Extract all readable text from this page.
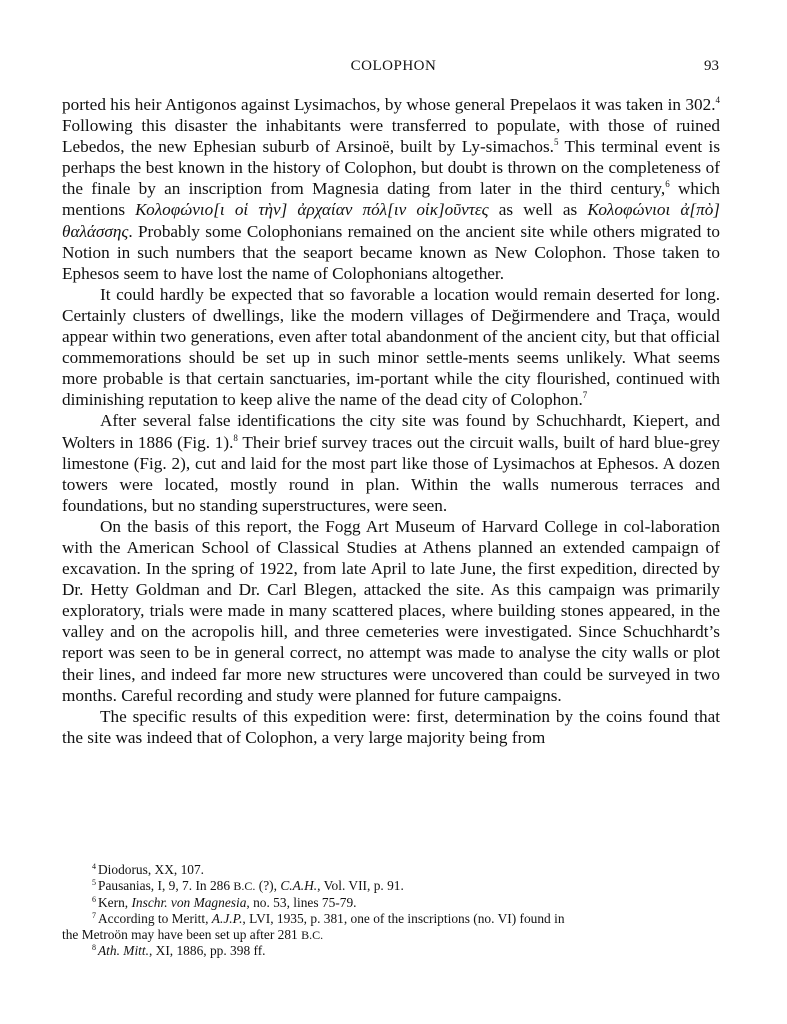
COLOPHON	93

ported his heir Antigonos against Lysimachos, by whose general Prepelaos it was taken in 302.$^4$ Following this disaster the inhabitants were transferred to populate, with those of ruined Lebedos, the new Ephesian suburb of Arsinoë, built by Ly-simachos.$^5$ This terminal event is perhaps the best known in the history of Colophon, but doubt is thrown on the completeness of the finale by an inscription from Magnesia dating from later in the third century,$^6$ which mentions Κολοφώνιο[ι οἱ τὴν] ἀρχαίαν πόλ[ιν οἰκ]οῦντες as well as Κολοφώνιοι ἀ[πὸ] θαλάσσης. Probably some Colophonians remained on the ancient site while others migrated to Notion in such numbers that the seaport became known as New Colophon. Those taken to Ephesos seem to have lost the name of Colophonians altogether.

It could hardly be expected that so favorable a location would remain deserted for long. Certainly clusters of dwellings, like the modern villages of Değirmendere and Traça, would appear within two generations, even after total abandonment of the ancient city, but that official commemorations should be set up in such minor settle-ments seems unlikely. What seems more probable is that certain sanctuaries, im-portant while the city flourished, continued with diminishing reputation to keep alive the name of the dead city of Colophon.$^7$

After several false identifications the city site was found by Schuchhardt, Kiepert, and Wolters in 1886 (Fig. 1).$^8$ Their brief survey traces out the circuit walls, built of hard blue-grey limestone (Fig. 2), cut and laid for the most part like those of Lysimachos at Ephesos. A dozen towers were located, mostly round in plan. Within the walls numerous terraces and foundations, but no standing superstructures, were seen.

On the basis of this report, the Fogg Art Museum of Harvard College in col-laboration with the American School of Classical Studies at Athens planned an extended campaign of excavation. In the spring of 1922, from late April to late June, the first expedition, directed by Dr. Hetty Goldman and Dr. Carl Blegen, attacked the site. As this campaign was primarily exploratory, trials were made in many scattered places, where building stones appeared, in the valley and on the acropolis hill, and three cemeteries were investigated. Since Schuchhardt’s report was seen to be in general correct, no attempt was made to analyse the city walls or plot their lines, and indeed far more new structures were uncovered than could be surveyed in two months. Careful recording and study were planned for future campaigns.

The specific results of this expedition were: first, determination by the coins found that the site was indeed that of Colophon, a very large majority being from

$^4$ Diodorus, XX, 107.

$^5$ Pausanias, I, 9, 7. In 286 B.C. (?), C.A.H., Vol. VII, p. 91.

$^6$ Kern, Inschr. von Magnesia, no. 53, lines 75-79.

$^7$ According to Meritt, A.J.P., LVI, 1935, p. 381, one of the inscriptions (no. VI) found in

the Metroön may have been set up after 281 B.C.

$^8$ Ath. Mitt., XI, 1886, pp. 398 ff.
